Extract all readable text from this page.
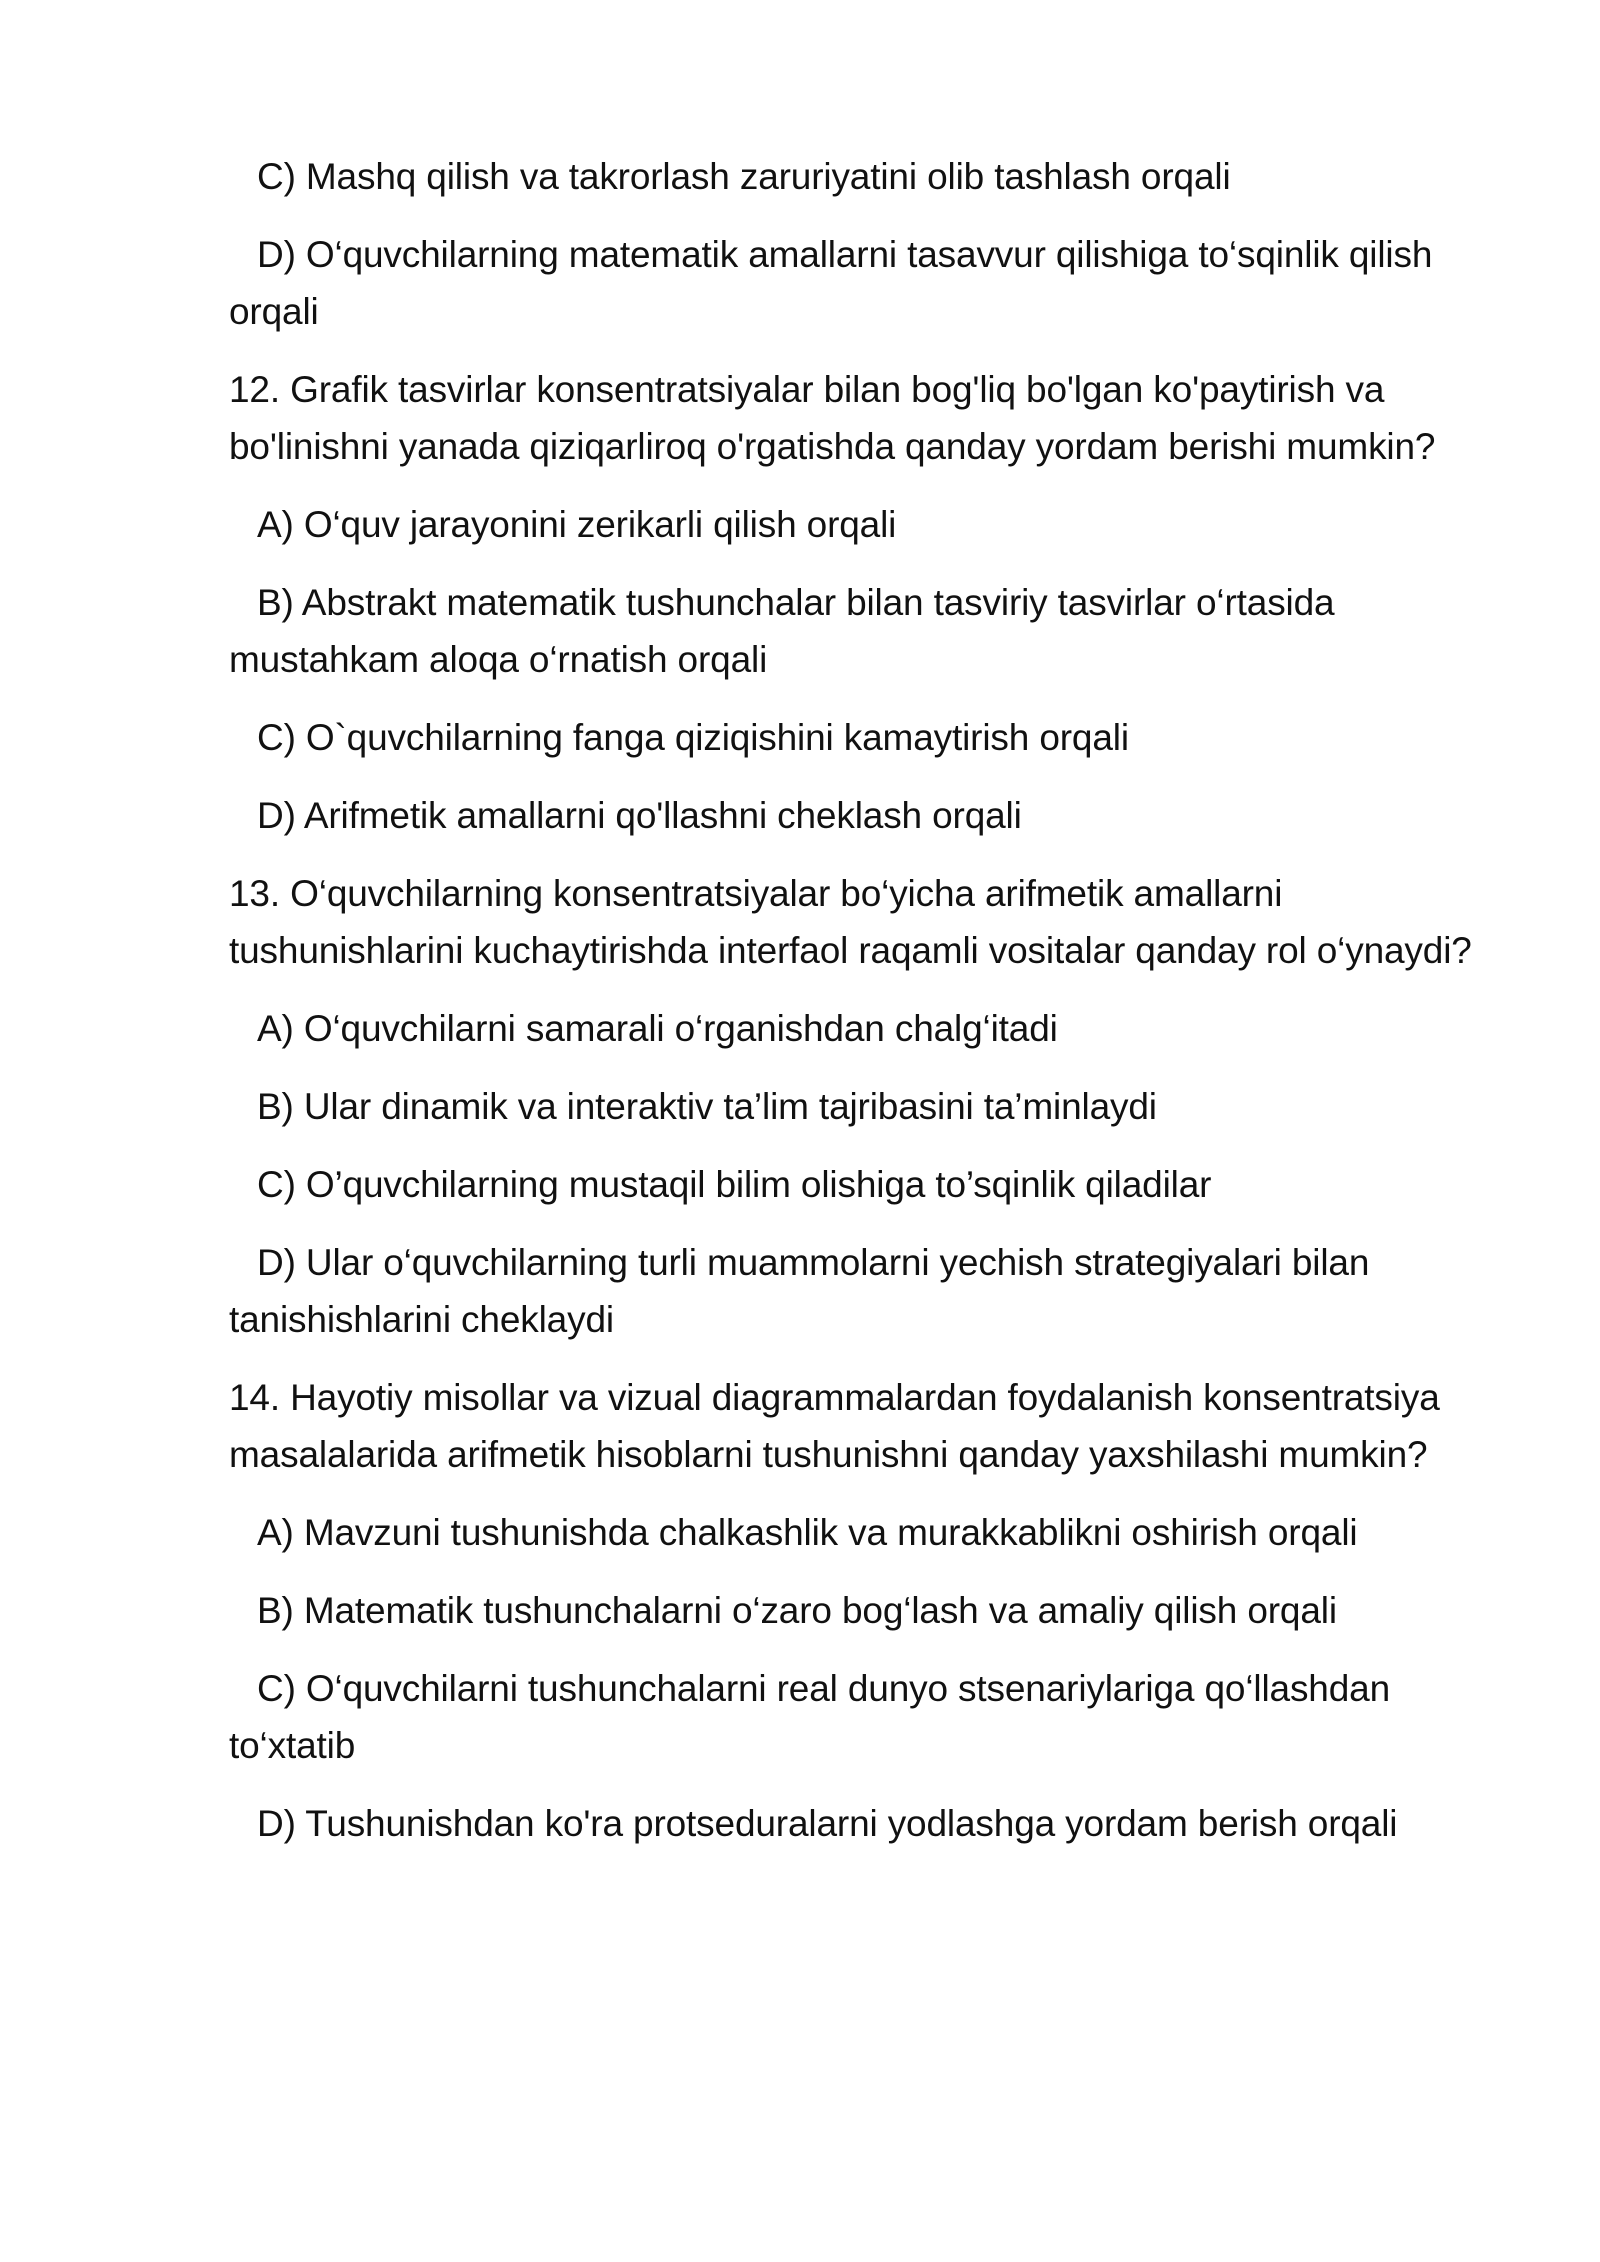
C) Mashq qilish va takrorlash zaruriyatini olib tashlash orqali

D) O‘quvchilarning matematik amallarni tasavvur qilishiga to‘sqinlik qilish orqali

12. Grafik tasvirlar konsentratsiyalar bilan bog'liq bo'lgan ko'paytirish va bo'linishni yanada qiziqarliroq o'rgatishda qanday yordam berishi mumkin?

A) O‘quv jarayonini zerikarli qilish orqali

B) Abstrakt matematik tushunchalar bilan tasviriy tasvirlar o‘rtasida mustahkam aloqa o‘rnatish orqali

C) O`quvchilarning fanga qiziqishini kamaytirish orqali

D) Arifmetik amallarni qo'llashni cheklash orqali

13. O‘quvchilarning konsentratsiyalar bo‘yicha arifmetik amallarni tushunishlarini kuchaytirishda interfaol raqamli vositalar qanday rol o‘ynaydi?

A) O‘quvchilarni samarali o‘rganishdan chalg‘itadi

B) Ular dinamik va interaktiv ta’lim tajribasini ta’minlaydi

C) O’quvchilarning mustaqil bilim olishiga to’sqinlik qiladilar

D) Ular o‘quvchilarning turli muammolarni yechish strategiyalari bilan tanishishlarini cheklaydi

14. Hayotiy misollar va vizual diagrammalardan foydalanish konsentratsiya masalalarida arifmetik hisoblarni tushunishni qanday yaxshilashi mumkin?

A) Mavzuni tushunishda chalkashlik va murakkablikni oshirish orqali

B) Matematik tushunchalarni o‘zaro bog‘lash va amaliy qilish orqali

C) O‘quvchilarni tushunchalarni real dunyo stsenariylariga qo‘llashdan to‘xtatib

D) Tushunishdan ko'ra protseduralarni yodlashga yordam berish orqali
